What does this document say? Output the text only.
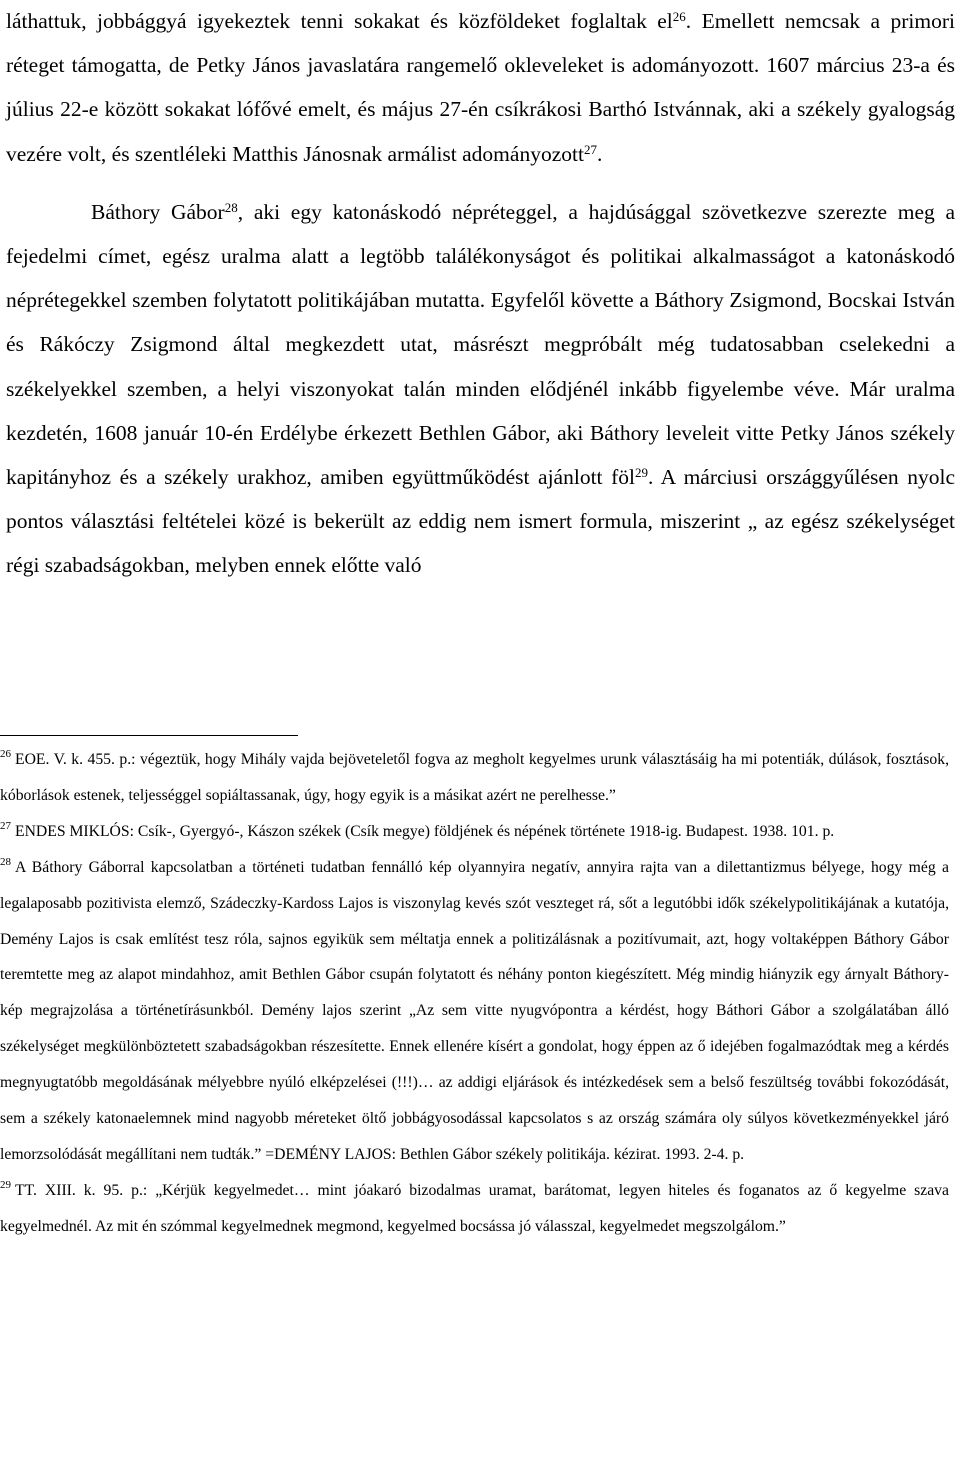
láthattuk, jobbággyá igyekeztek tenni sokakat és közföldeket foglaltak $el^{26}$. Emellett nemcsak a primori réteget támogatta, de Petky János javaslatára rangemelő okleveleket is adományozott. 1607 március 23-a és július 22-e között sokakat lófővé emelt, és május 27-én csíkrákosi Barthó Istvánnak, aki a székely gyalogság vezére volt, és szentléleki Matthis Jánosnak armálist adományozott$^{27}$.

Báthory Gábor$^{28}$, aki egy katonáskodó népréteggel, a hajdúsággal szövetkezve szerezte meg a fejedelmi címet, egész uralma alatt a legtöbb találékonyságot és politikai alkalmasságot a katonáskodó néprétegekkel szemben folytatott politikájában mutatta. Egyfelől követte a Báthory Zsigmond, Bocskai István és Rákóczy Zsigmond által megkezdett utat, másrészt megpróbált még tudatosabban cselekedni a székelyekkel szemben, a helyi viszonyokat talán minden elődjénél inkább figyelembe véve. Már uralma kezdetén, 1608 január 10-én Erdélybe érkezett Bethlen Gábor, aki Báthory leveleit vitte Petky János székely kapitányhoz és a székely urakhoz, amiben együttműködést ajánlott föl$^{29}$. A márciusi országgyűlésen nyolc pontos választási feltételei közé is bekerült az eddig nem ismert formula, miszerint „ az egész székelységet régi szabadságokban, melyben ennek előtte való

$^{26}$ EOE. V. k. 455. p.: végeztük, hogy Mihály vajda bejöveteletől fogva az megholt kegyelmes urunk választásáig ha mi potentiák, dúlások, fosztások, kóborlások estenek, teljességgel sopiáltassanak, úgy, hogy egyik is a másikat azért ne perelhesse.”

$^{27}$ ENDES MIKLÓS: Csík-, Gyergyó-, Kászon székek (Csík megye) földjének és népének története 1918-ig. Budapest. 1938. 101. p.

$^{28}$ A Báthory Gáborral kapcsolatban a történeti tudatban fennálló kép olyannyira negatív, annyira rajta van a dilettantizmus bélyege, hogy még a legalaposabb pozitivista elemző, Szádeczky-Kardoss Lajos is viszonylag kevés szót veszteget rá, sőt a legutóbbi idők székelypolitikájának a kutatója, Demény Lajos is csak említést tesz róla, sajnos egyikük sem méltatja ennek a politizálásnak a pozitívumait, azt, hogy voltaképpen Báthory Gábor teremtette meg az alapot mindahhoz, amit Bethlen Gábor csupán folytatott és néhány ponton kiegészített. Még mindig hiányzik egy árnyalt Báthory-kép megrajzolása a történetírásunkból. Demény lajos szerint „Az sem vitte nyugvópontra a kérdést, hogy Báthori Gábor a szolgálatában álló székelységet megkülönböztetett szabadságokban részesítette. Ennek ellenére kísért a gondolat, hogy éppen az ő idejében fogalmazódtak meg a kérdés megnyugtatóbb megoldásának mélyebbre nyúló elképzelései (!!!)… az addigi eljárások és intézkedések sem a belső feszültség további fokozódását, sem a székely katonaelemnek mind nagyobb méreteket öltő jobbágyosodással kapcsolatos s az ország számára oly súlyos következményekkel járó lemorzsolódását megállítani nem tudták.” =DEMÉNY LAJOS: Bethlen Gábor székely politikája. kézirat. 1993. 2-4. p.

$^{29}$ TT. XIII. k. 95. p.: „Kérjük kegyelmedet… mint jóakaró bizodalmas uramat, barátomat, legyen hiteles és foganatos az ő kegyelme szava kegyelmednél. Az mit én szómmal kegyelmednek megmond, kegyelmed bocsássa jó válasszal, kegyelmedet megszolgálom.”
